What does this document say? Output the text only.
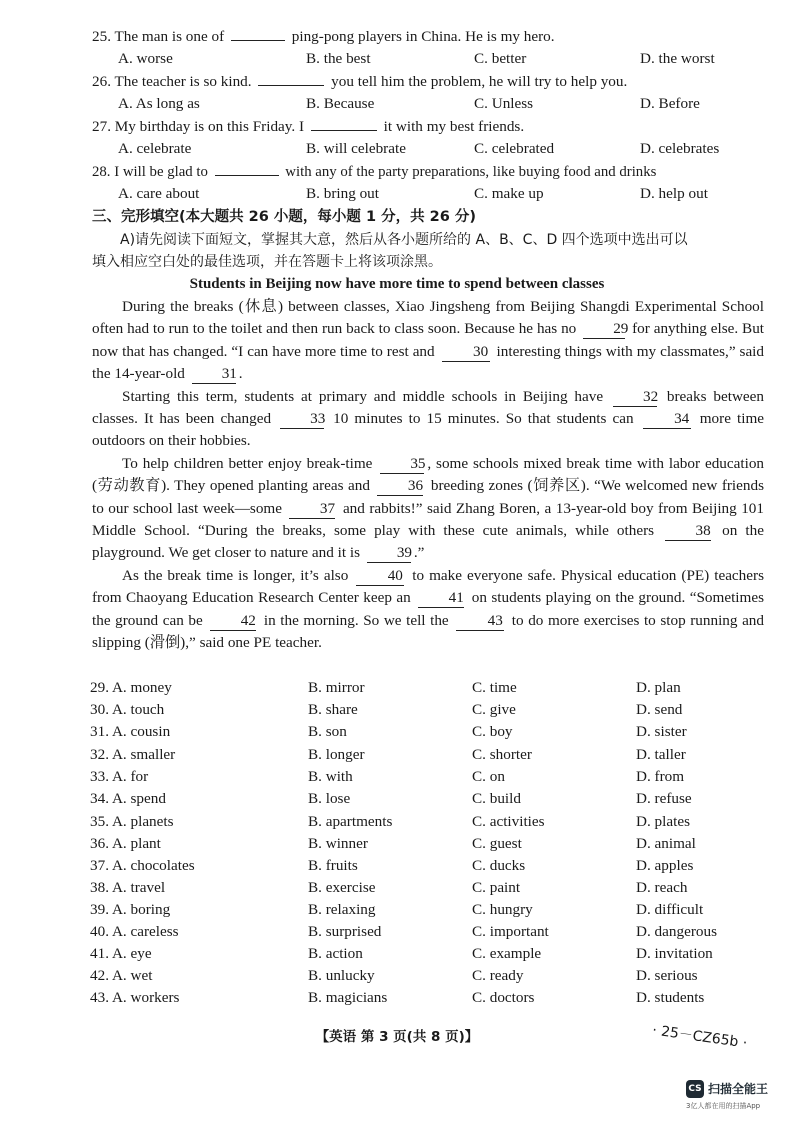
25. The man is one of	ping-pong players in China. He is my hero.
A. worse	B. the best	C. better	D. the worst
26. The teacher is so kind.	you tell him the problem, he will try to help you.
A. As long as	B. Because	C. Unless	D. Before
27. My birthday is on this Friday. I	it with my best friends.
A. celebrate	B. will celebrate	C. celebrated	D. celebrates
28. I will be glad to	with any of the party preparations, like buying food and drinks
A. care about	B. bring out	C. make up	D. help out
三、完形填空(本大题共 26 小题，每小题 1 分，共 26 分)
A)请先阅读下面短文，掌握其大意，然后从各小题所给的 A、B、C、D 四个选项中选出可以
填入相应空白处的最佳选项，并在答题卡上将该项涂黑。
Students in Beijing now have more time to spend between classes

During the breaks (休息) between classes, Xiao Jingsheng from Beijing Shangdi Experimental School often had to run to the toilet and then run back to class soon. Because he has no 29 for anything else. But now that has changed. “I can have more time to rest and 30 interesting things with my classmates,” said the 14-year-old 31 .

Starting this term, students at primary and middle schools in Beijing have 32 breaks between classes. It has been changed 33 10 minutes to 15 minutes. So that students can 34 more time outdoors on their hobbies.

To help children better enjoy break-time 35 , some schools mixed break time with labor education (劳动教育). They opened planting areas and 36 breeding zones (饲养区). “We welcomed new friends to our school last week—some 37 and rabbits!” said Zhang Boren, a 13-year-old boy from Beijing 101 Middle School. “During the breaks, some play with these cute animals, while others 38 on the playground. We get closer to nature and it is 39 .”

As the break time is longer, it’s also 40 to make everyone safe. Physical education (PE) teachers from Chaoyang Education Research Center keep an 41 on students playing on the ground. “Sometimes the ground can be 42 in the morning. So we tell the 43 to do more exercises to stop running and slipping (滑倒),” said one PE teacher.

29. A. money	B. mirror	C. time	D. plan
30. A. touch	B. share	C. give	D. send
31. A. cousin	B. son	C. boy	D. sister
32. A. smaller	B. longer	C. shorter	D. taller
33. A. for	B. with	C. on	D. from
34. A. spend	B. lose	C. build	D. refuse
35. A. planets	B. apartments	C. activities	D. plates
36. A. plant	B. winner	C. guest	D. animal
37. A. chocolates	B. fruits	C. ducks	D. apples
38. A. travel	B. exercise	C. paint	D. reach
39. A. boring	B. relaxing	C. hungry	D. difficult
40. A. careless	B. surprised	C. important	D. dangerous
41. A. eye	B. action	C. example	D. invitation
42. A. wet	B. unlucky	C. ready	D. serious
43. A. workers	B. magicians	C. doctors	D. students
【英语 第 3 页(共 8 页)】	· 25－CZ65b ·
CS 扫描全能王
3亿人都在用的扫描App
